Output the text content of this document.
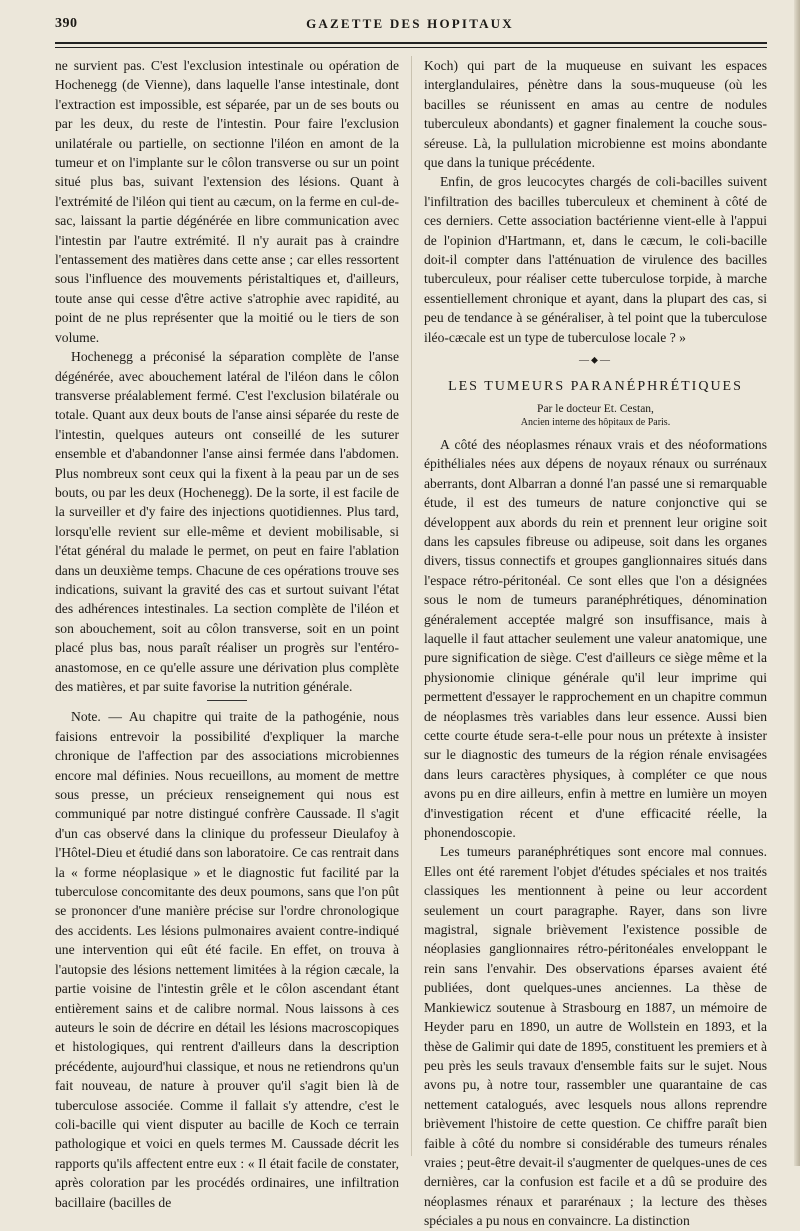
390	GAZETTE DES HOPITAUX

ne survient pas. C'est l'exclusion intestinale ou opération de Hochenegg (de Vienne), dans laquelle l'anse intestinale, dont l'extraction est impossible, est séparée, par un de ses bouts ou par les deux, du reste de l'intestin. Pour faire l'exclusion unilatérale ou partielle, on sectionne l'iléon en amont de la tumeur et on l'implante sur le côlon transverse ou sur un point situé plus bas, suivant l'extension des lésions. Quant à l'extrémité de l'iléon qui tient au cæcum, on la ferme en cul-de-sac, laissant la partie dégénérée en libre communication avec l'intestin par l'autre extrémité. Il n'y aurait pas à craindre l'entassement des matières dans cette anse ; car elles ressortent sous l'influence des mouvements péristaltiques et, d'ailleurs, toute anse qui cesse d'être active s'atrophie avec rapidité, au point de ne plus représenter que la moitié ou le tiers de son volume.

Hochenegg a préconisé la séparation complète de l'anse dégénérée, avec abouchement latéral de l'iléon dans le côlon transverse préalablement fermé. C'est l'exclusion bilatérale ou totale. Quant aux deux bouts de l'anse ainsi séparée du reste de l'intestin, quelques auteurs ont conseillé de les suturer ensemble et d'abandonner l'anse ainsi fermée dans l'abdomen. Plus nombreux sont ceux qui la fixent à la peau par un de ses bouts, ou par les deux (Hochenegg). De la sorte, il est facile de la surveiller et d'y faire des injections quotidiennes. Plus tard, lorsqu'elle revient sur elle-même et devient mobilisable, si l'état général du malade le permet, on peut en faire l'ablation dans un deuxième temps. Chacune de ces opérations trouve ses indications, suivant la gravité des cas et surtout suivant l'état des adhérences intestinales. La section complète de l'iléon et son abouchement, soit au côlon transverse, soit en un point placé plus bas, nous paraît réaliser un progrès sur l'entéro-anastomose, en ce qu'elle assure une dérivation plus complète des matières, et par suite favorise la nutrition générale.

Note. — Au chapitre qui traite de la pathogénie, nous faisions entrevoir la possibilité d'expliquer la marche chronique de l'affection par des associations microbiennes encore mal définies. Nous recueillons, au moment de mettre sous presse, un précieux renseignement qui nous est communiqué par notre distingué confrère Caussade. Il s'agit d'un cas observé dans la clinique du professeur Dieulafoy à l'Hôtel-Dieu et étudié dans son laboratoire. Ce cas rentrait dans la « forme néoplasique » et le diagnostic fut facilité par la tuberculose concomitante des deux poumons, sans que l'on pût se prononcer d'une manière précise sur l'ordre chronologique des accidents. Les lésions pulmonaires avaient contre-indiqué une intervention qui eût été facile. En effet, on trouva à l'autopsie des lésions nettement limitées à la région cæcale, la partie voisine de l'intestin grêle et le côlon ascendant étant entièrement sains et de calibre normal. Nous laissons à ces auteurs le soin de décrire en détail les lésions macroscopiques et histologiques, qui rentrent d'ailleurs dans la description précédente, aujourd'hui classique, et nous ne retiendrons qu'un fait nouveau, de nature à prouver qu'il s'agit bien là de tuberculose associée. Comme il fallait s'y attendre, c'est le coli-bacille qui vient disputer au bacille de Koch ce terrain pathologique et voici en quels termes M. Caussade décrit les rapports qu'ils affectent entre eux : « Il était facile de constater, après coloration par les procédés ordinaires, une infiltration bacillaire (bacilles de

Koch) qui part de la muqueuse en suivant les espaces interglandulaires, pénètre dans la sous-muqueuse (où les bacilles se réunissent en amas au centre de nodules tuberculeux abondants) et gagner finalement la couche sous-séreuse. Là, la pullulation microbienne est moins abondante que dans la tunique précédente.

Enfin, de gros leucocytes chargés de coli-bacilles suivent l'infiltration des bacilles tuberculeux et cheminent à côté de ces derniers. Cette association bactérienne vient-elle à l'appui de l'opinion d'Hartmann, et, dans le cæcum, le coli-bacille doit-il compter dans l'atténuation de virulence des bacilles tuberculeux, pour réaliser cette tuberculose torpide, à marche essentiellement chronique et ayant, dans la plupart des cas, si peu de tendance à se généraliser, à tel point que la tuberculose iléo-cæcale est un type de tuberculose locale ? »

—⬥—
LES TUMEURS PARANÉPHRÉTIQUES
Par le docteur Et. Cestan,
Ancien interne des hôpitaux de Paris.

A côté des néoplasmes rénaux vrais et des néoformations épithéliales nées aux dépens de noyaux rénaux ou surrénaux aberrants, dont Albarran a donné l'an passé une si remarquable étude, il est des tumeurs de nature conjonctive qui se développent aux abords du rein et prennent leur origine soit dans les capsules fibreuse ou adipeuse, soit dans les organes divers, tissus connectifs et groupes ganglionnaires situés dans l'espace rétro-péritonéal. Ce sont elles que l'on a désignées sous le nom de tumeurs paranéphrétiques, dénomination généralement acceptée malgré son insuffisance, mais à laquelle il faut attacher seulement une valeur anatomique, une pure signification de siège. C'est d'ailleurs ce siège même et la physionomie clinique générale qu'il leur imprime qui permettent d'essayer le rapprochement en un chapitre commun de néoplasmes très variables dans leur essence. Aussi bien cette courte étude sera-t-elle pour nous un prétexte à insister sur le diagnostic des tumeurs de la région rénale envisagées dans leurs caractères physiques, à compléter ce que nous avons pu en dire ailleurs, enfin à mettre en lumière un moyen d'investigation récent et d'une efficacité réelle, la phonendoscopie.

Les tumeurs paranéphrétiques sont encore mal connues. Elles ont été rarement l'objet d'études spéciales et nos traités classiques les mentionnent à peine ou leur accordent seulement un court paragraphe. Rayer, dans son livre magistral, signale brièvement l'existence possible de néoplasies ganglionnaires rétro-péritonéales enveloppant le rein sans l'envahir. Des observations éparses avaient été publiées, dont quelques-unes anciennes. La thèse de Mankiewicz soutenue à Strasbourg en 1887, un mémoire de Heyder paru en 1890, un autre de Wollstein en 1893, et la thèse de Galimir qui date de 1895, constituent les premiers et à peu près les seuls travaux d'ensemble faits sur le sujet. Nous avons pu, à notre tour, rassembler une quarantaine de cas nettement catalogués, avec lesquels nous allons reprendre brièvement l'histoire de cette question. Ce chiffre paraît bien faible à côté du nombre si considérable des tumeurs rénales vraies ; peut-être devait-il s'augmenter de quelques-unes de ces dernières, car la confusion est facile et a dû se produire des néoplasmes rénaux et pararénaux ; la lecture des thèses spéciales a pu nous en convaincre. La distinction
